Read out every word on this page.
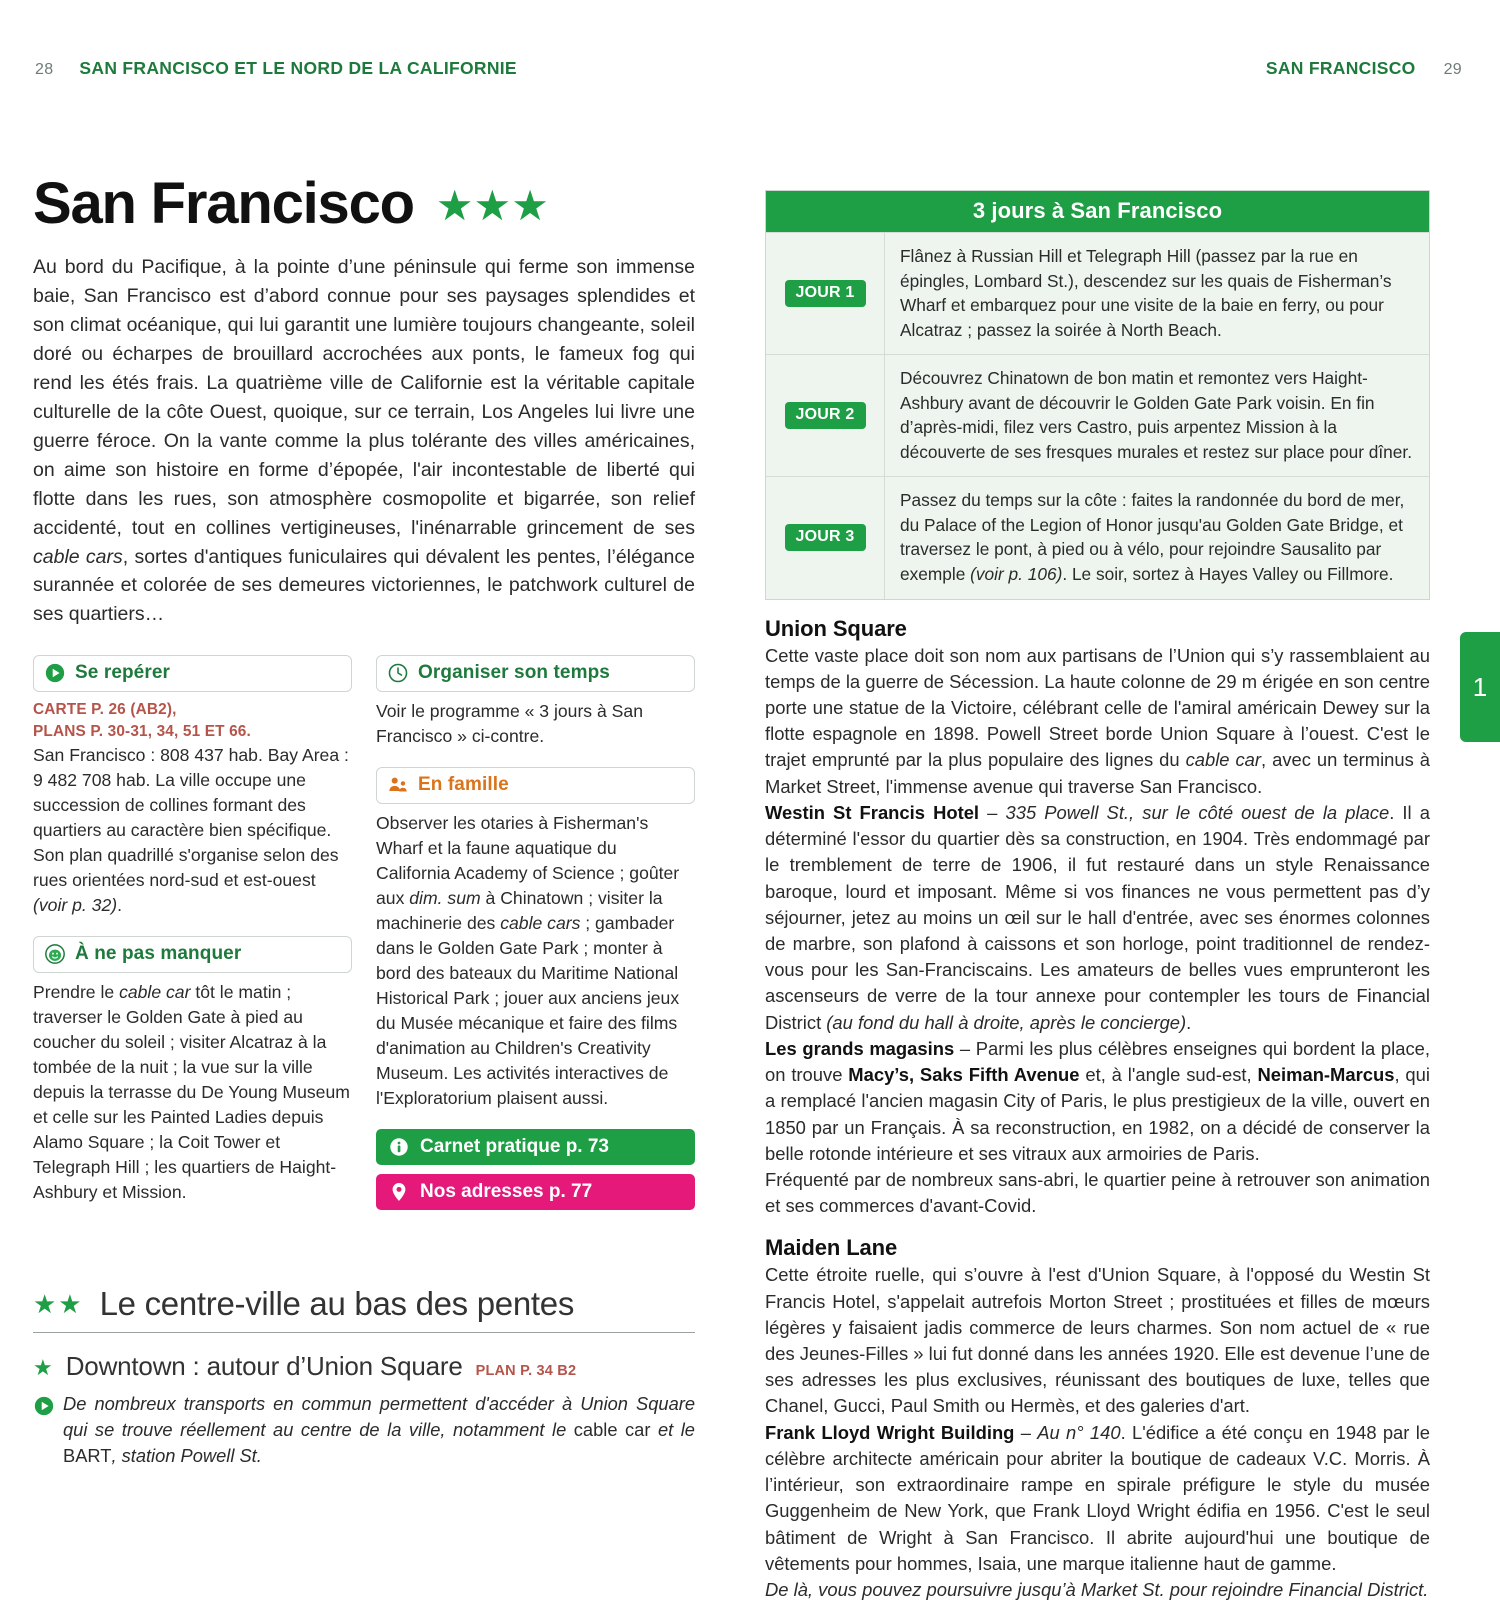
28 SAN FRANCISCO ET LE NORD DE LA CALIFORNIE	SAN FRANCISCO 29
1
San Francisco ★★★

Au bord du Pacifique, à la pointe d’une péninsule qui ferme son immense baie, San Francisco est d’abord connue pour ses paysages splendides et son climat océanique, qui lui garantit une lumière toujours changeante, soleil doré ou écharpes de brouillard accrochées aux ponts, le fameux fog qui rend les étés frais. La quatrième ville de Californie est la véritable capitale culturelle de la côte Ouest, quoique, sur ce terrain, Los Angeles lui livre une guerre féroce. On la vante comme la plus tolérante des villes américaines, on aime son histoire en forme d’épopée, l'air incontestable de liberté qui flotte dans les rues, son atmosphère cosmopolite et bigarrée, son relief accidenté, tout en collines vertigineuses, l'inénarrable grincement de ses cable cars, sortes d'antiques funiculaires qui dévalent les pentes, l’élégance surannée et colorée de ses demeures victoriennes, le patchwork culturel de ses quartiers…

Se repérer
CARTE P. 26 (AB2),
PLANS P. 30-31, 34, 51 ET 66.
San Francisco : 808 437 hab. Bay Area : 9 482 708 hab. La ville occupe une succession de collines formant des quartiers au caractère bien spécifique. Son plan quadrillé s'organise selon des rues orientées nord-sud et est-ouest (voir p. 32).
À ne pas manquer
Prendre le cable car tôt le matin ; traverser le Golden Gate à pied au coucher du soleil ; visiter Alcatraz à la tombée de la nuit ; la vue sur la ville depuis la terrasse du De Young Museum et celle sur les Painted Ladies depuis Alamo Square ; la Coit Tower et Telegraph Hill ; les quartiers de Haight-Ashbury et Mission.
Organiser son temps
Voir le programme « 3 jours à San Francisco » ci-contre.
En famille
Observer les otaries à Fisherman's Wharf et la faune aquatique du California Academy of Science ; goûter aux dim. sum à Chinatown ; visiter la machinerie des cable cars ; gambader dans le Golden Gate Park ; monter à bord des bateaux du Maritime National Historical Park ; jouer aux anciens jeux du Musée mécanique et faire des films d'animation au Children's Creativity Museum. Les activités interactives de l'Exploratorium plaisent aussi.
Carnet pratique p. 73
Nos adresses p. 77
★★ Le centre-ville au bas des pentes
★ Downtown : autour d’Union Square PLAN P. 34 B2
De nombreux transports en commun permettent d'accéder à Union Square qui se trouve réellement au centre de la ville, notamment le cable car et le BART, station Powell St.
3 jours à San Francisco
JOUR 1
Flânez à Russian Hill et Telegraph Hill (passez par la rue en épingles, Lombard St.), descendez sur les quais de Fisherman’s Wharf et embarquez pour une visite de la baie en ferry, ou pour Alcatraz ; passez la soirée à North Beach.
JOUR 2
Découvrez Chinatown de bon matin et remontez vers Haight-Ashbury avant de découvrir le Golden Gate Park voisin. En fin d’après-midi, filez vers Castro, puis arpentez Mission à la découverte de ses fresques murales et restez sur place pour dîner.
JOUR 3
Passez du temps sur la côte : faites la randonnée du bord de mer, du Palace of the Legion of Honor jusqu'au Golden Gate Bridge, et traversez le pont, à pied ou à vélo, pour rejoindre Sausalito par exemple (voir p. 106). Le soir, sortez à Hayes Valley ou Fillmore.
Union Square

Cette vaste place doit son nom aux partisans de l’Union qui s’y rassemblaient au temps de la guerre de Sécession. La haute colonne de 29 m érigée en son centre porte une statue de la Victoire, célébrant celle de l'amiral américain Dewey sur la flotte espagnole en 1898. Powell Street borde Union Square à l’ouest. C'est le trajet emprunté par la plus populaire des lignes du cable car, avec un terminus à Market Street, l'immense avenue qui traverse San Francisco.

Westin St Francis Hotel – 335 Powell St., sur le côté ouest de la place. Il a déterminé l'essor du quartier dès sa construction, en 1904. Très endommagé par le tremblement de terre de 1906, il fut restauré dans un style Renaissance baroque, lourd et imposant. Même si vos finances ne vous permettent pas d’y séjourner, jetez au moins un œil sur le hall d'entrée, avec ses énormes colonnes de marbre, son plafond à caissons et son horloge, point traditionnel de rendez-vous pour les San-Franciscains. Les amateurs de belles vues emprunteront les ascenseurs de verre de la tour annexe pour contempler les tours de Financial District (au fond du hall à droite, après le concierge).

Les grands magasins – Parmi les plus célèbres enseignes qui bordent la place, on trouve Macy’s, Saks Fifth Avenue et, à l'angle sud-est, Neiman-Marcus, qui a remplacé l'ancien magasin City of Paris, le plus prestigieux de la ville, ouvert en 1850 par un Français. À sa reconstruction, en 1982, on a décidé de conserver la belle rotonde intérieure et ses vitraux aux armoiries de Paris.

Fréquenté par de nombreux sans-abri, le quartier peine à retrouver son animation et ses commerces d'avant-Covid.

Maiden Lane

Cette étroite ruelle, qui s’ouvre à l'est d'Union Square, à l'opposé du Westin St Francis Hotel, s'appelait autrefois Morton Street ; prostituées et filles de mœurs légères y faisaient jadis commerce de leurs charmes. Son nom actuel de « rue des Jeunes-Filles » lui fut donné dans les années 1920. Elle est devenue l’une de ses adresses les plus exclusives, réunissant des boutiques de luxe, telles que Chanel, Gucci, Paul Smith ou Hermès, et des galeries d'art.

Frank Lloyd Wright Building – Au n° 140. L'édifice a été conçu en 1948 par le célèbre architecte américain pour abriter la boutique de cadeaux V.C. Morris. À l’intérieur, son extraordinaire rampe en spirale préfigure le style du musée Guggenheim de New York, que Frank Lloyd Wright édifia en 1956. C'est le seul bâtiment de Wright à San Francisco. Il abrite aujourd'hui une boutique de vêtements pour hommes, Isaia, une marque italienne haut de gamme.

De là, vous pouvez poursuivre jusqu’à Market St. pour rejoindre Financial District.
